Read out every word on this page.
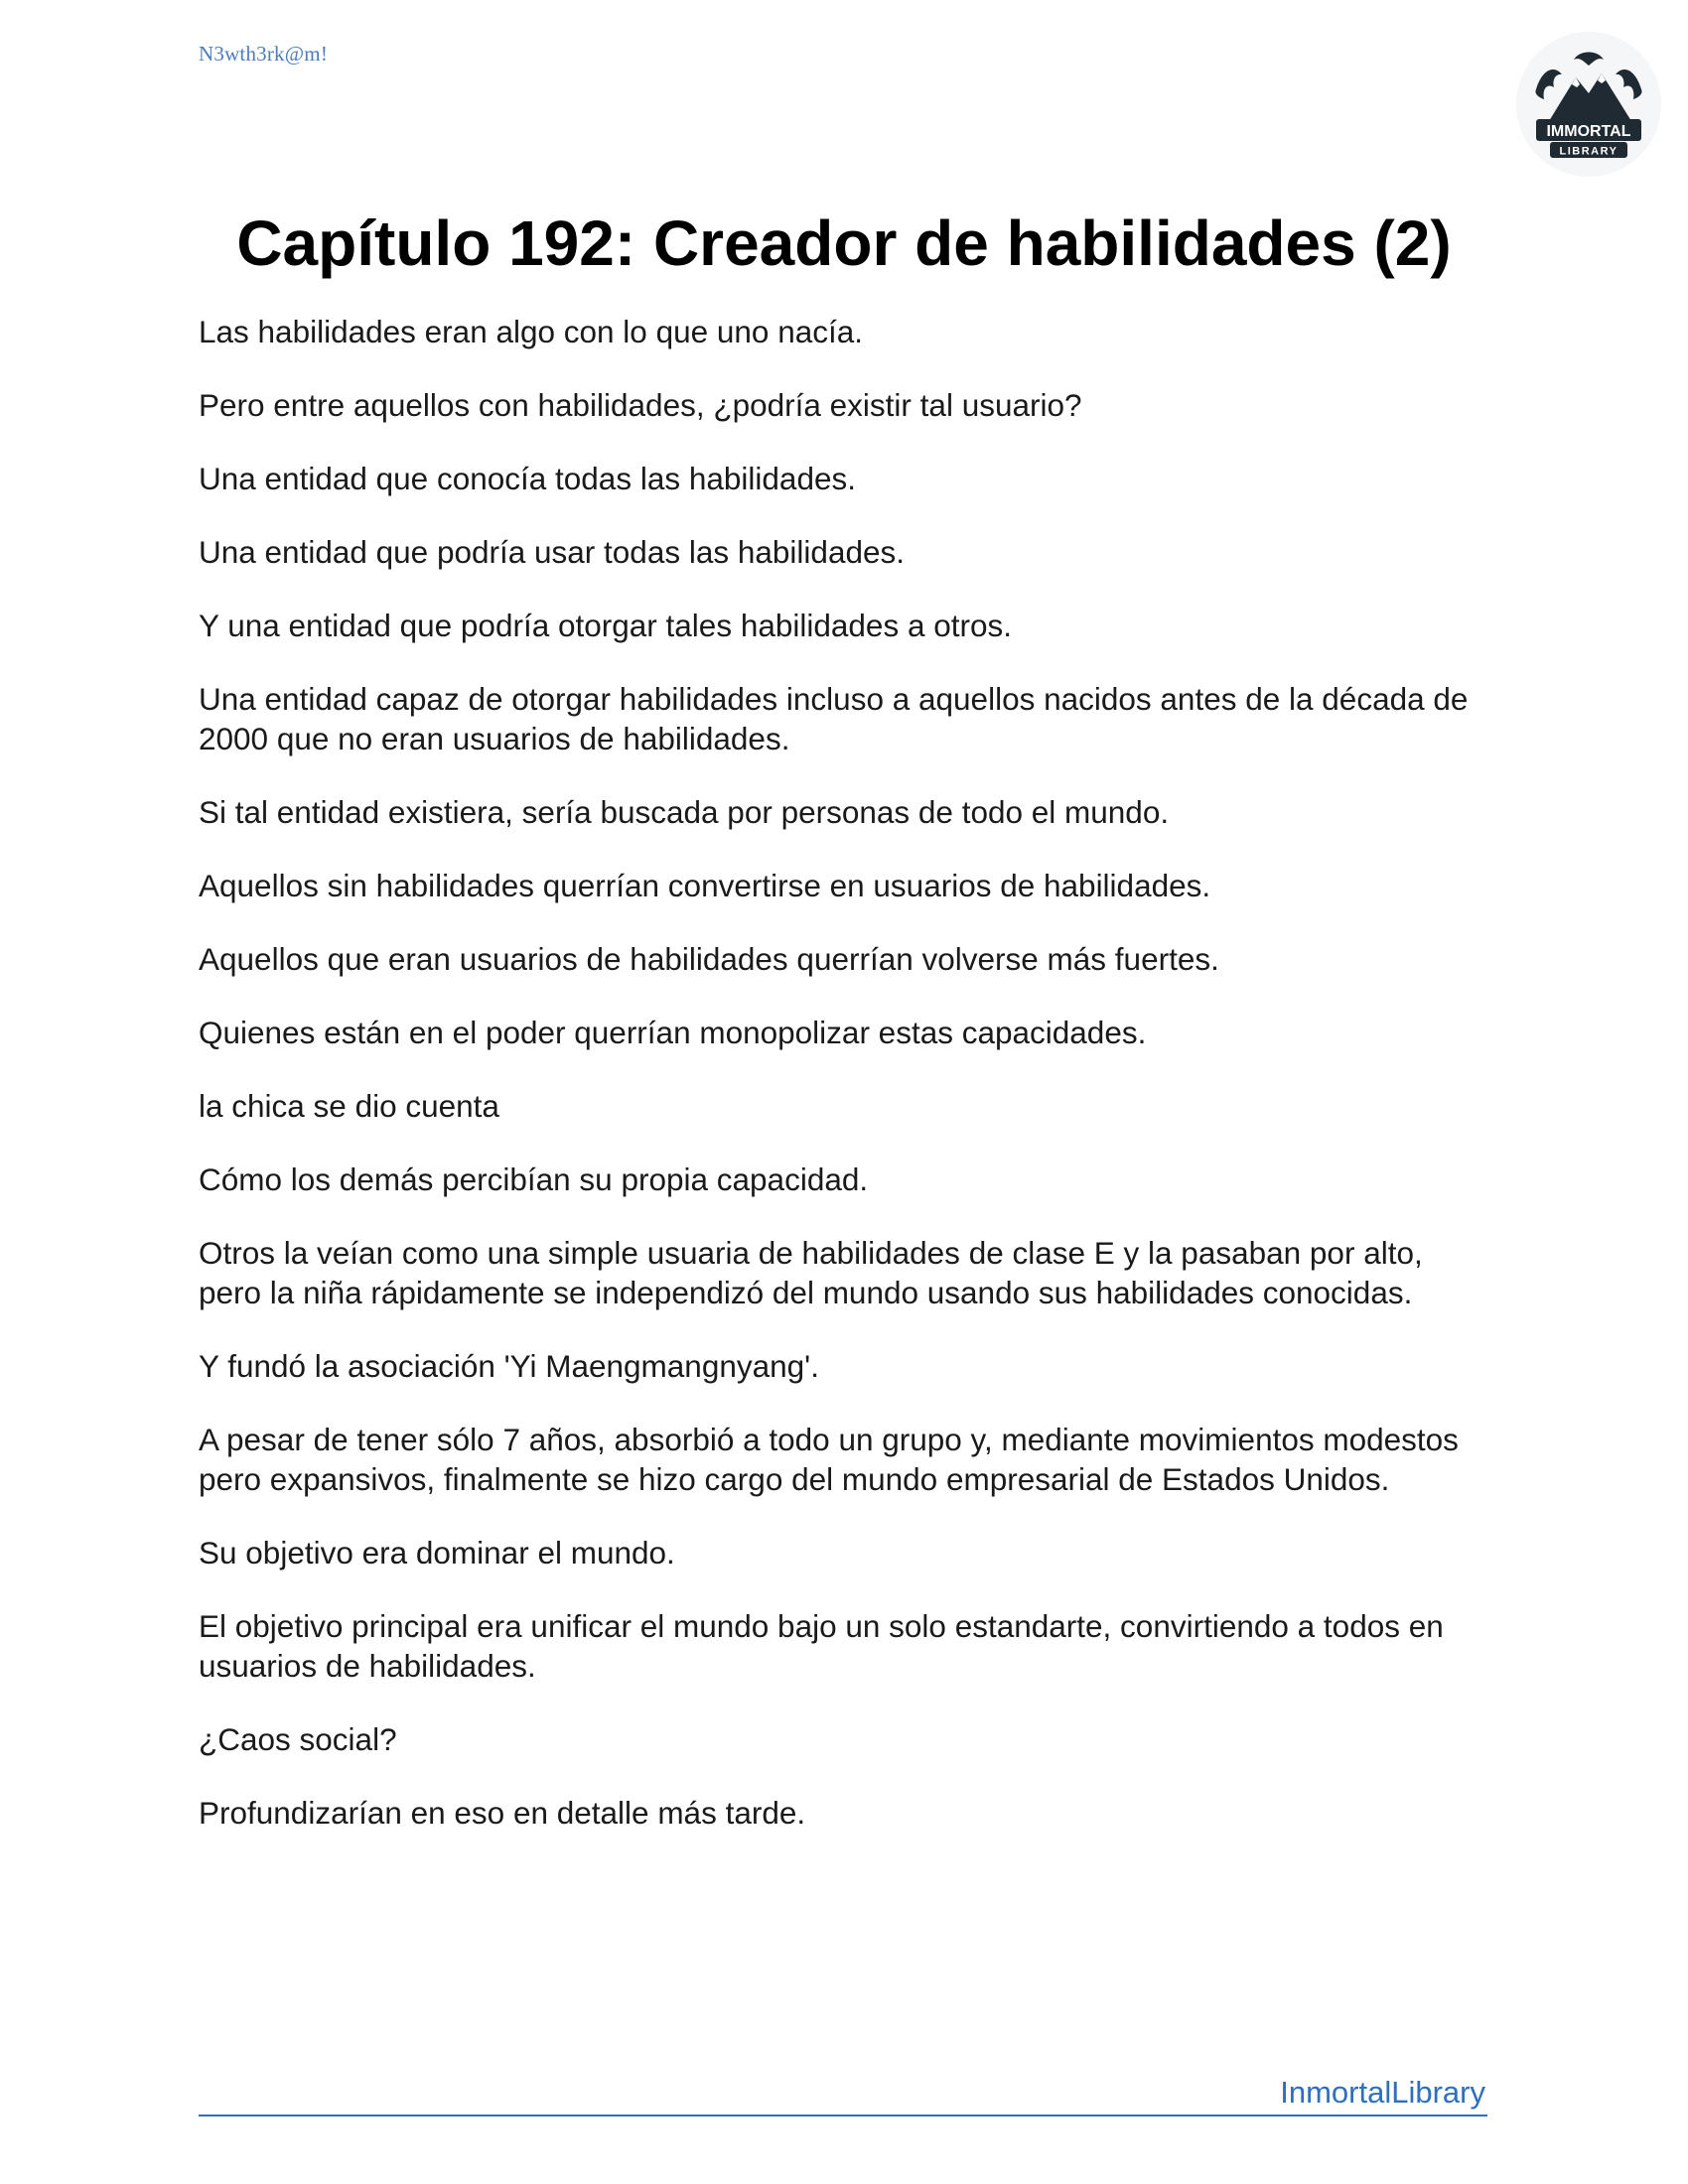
N3wth3rk@m!
IMMORTAL
LIBRARY
Capítulo 192: Creador de habilidades (2)

Las habilidades eran algo con lo que uno nacía.

Pero entre aquellos con habilidades, ¿podría existir tal usuario?

Una entidad que conocía todas las habilidades.

Una entidad que podría usar todas las habilidades.

Y una entidad que podría otorgar tales habilidades a otros.

Una entidad capaz de otorgar habilidades incluso a aquellos nacidos antes de la década de 2000 que no eran usuarios de habilidades.

Si tal entidad existiera, sería buscada por personas de todo el mundo.

Aquellos sin habilidades querrían convertirse en usuarios de habilidades.

Aquellos que eran usuarios de habilidades querrían volverse más fuertes.

Quienes están en el poder querrían monopolizar estas capacidades.

la chica se dio cuenta

Cómo los demás percibían su propia capacidad.

Otros la veían como una simple usuaria de habilidades de clase E y la pasaban por alto, pero la niña rápidamente se independizó del mundo usando sus habilidades conocidas.

Y fundó la asociación 'Yi Maengmangnyang'.

A pesar de tener sólo 7 años, absorbió a todo un grupo y, mediante movimientos modestos pero expansivos, finalmente se hizo cargo del mundo empresarial de Estados Unidos.

Su objetivo era dominar el mundo.

El objetivo principal era unificar el mundo bajo un solo estandarte, convirtiendo a todos en usuarios de habilidades.

¿Caos social?

Profundizarían en eso en detalle más tarde.

InmortalLibrary
